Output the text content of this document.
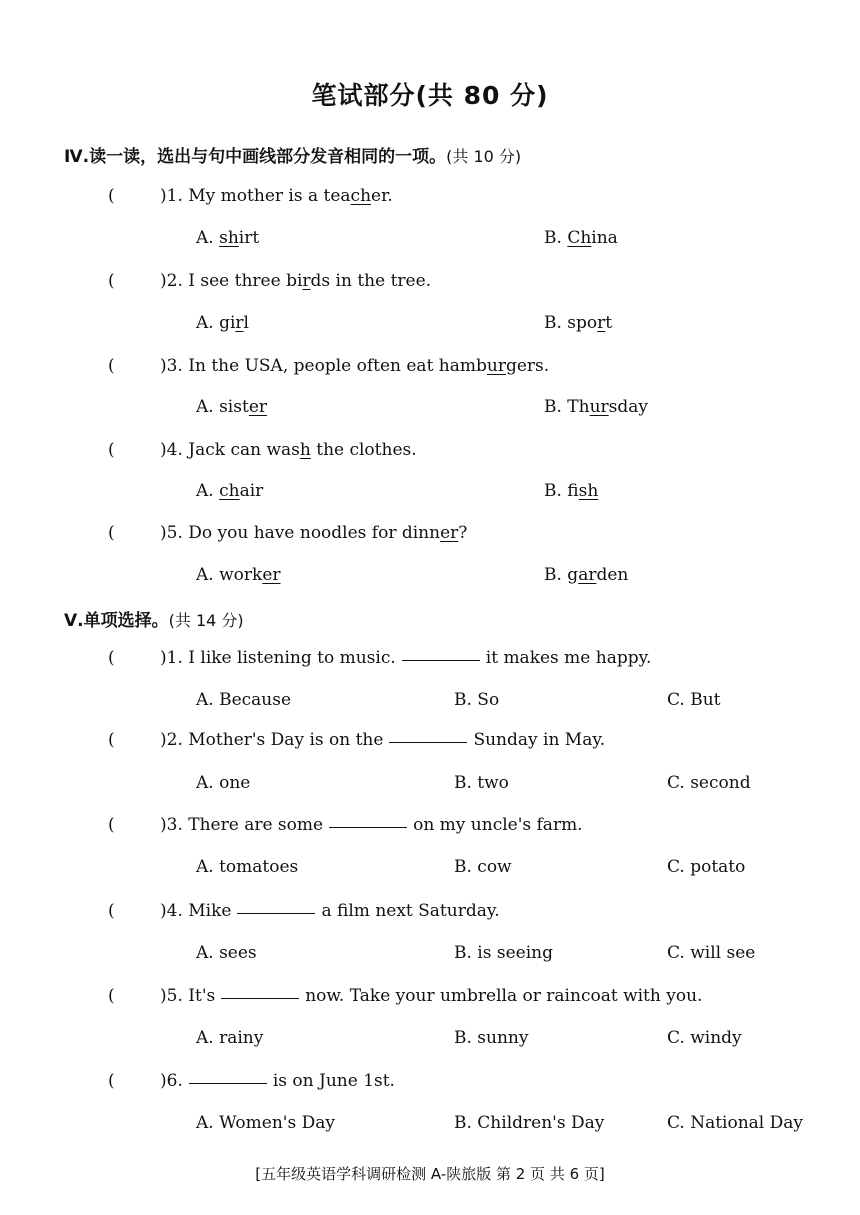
笔试部分(共 80 分)
Ⅳ.读一读，选出与句中画线部分发音相同的一项。(共 10 分)
(	)1. My mother is a teacher.
A. shirt	B. China
(	)2. I see three birds in the tree.
A. girl	B. sport
(	)3. In the USA, people often eat hamburgers.
A. sister	B. Thursday
(	)4. Jack can wash the clothes.
A. chair	B. fish
(	)5. Do you have noodles for dinner?
A. worker	B. garden
Ⅴ.单项选择。(共 14 分)
(	)1. I like listening to music.	it makes me happy.
A. Because	B. So	C. But
(	)2. Mother's Day is on the	Sunday in May.
A. one	B. two	C. second
(	)3. There are some	on my uncle's farm.
A. tomatoes	B. cow	C. potato
(	)4. Mike	a film next Saturday.
A. sees	B. is seeing	C. will see
(	)5. It's	now. Take your umbrella or raincoat with you.
A. rainy	B. sunny	C. windy
(	)6.	is on June 1st.
A. Women's Day	B. Children's Day	C. National Day
[五年级英语学科调研检测 A-陕旅版 第 2 页 共 6 页]
